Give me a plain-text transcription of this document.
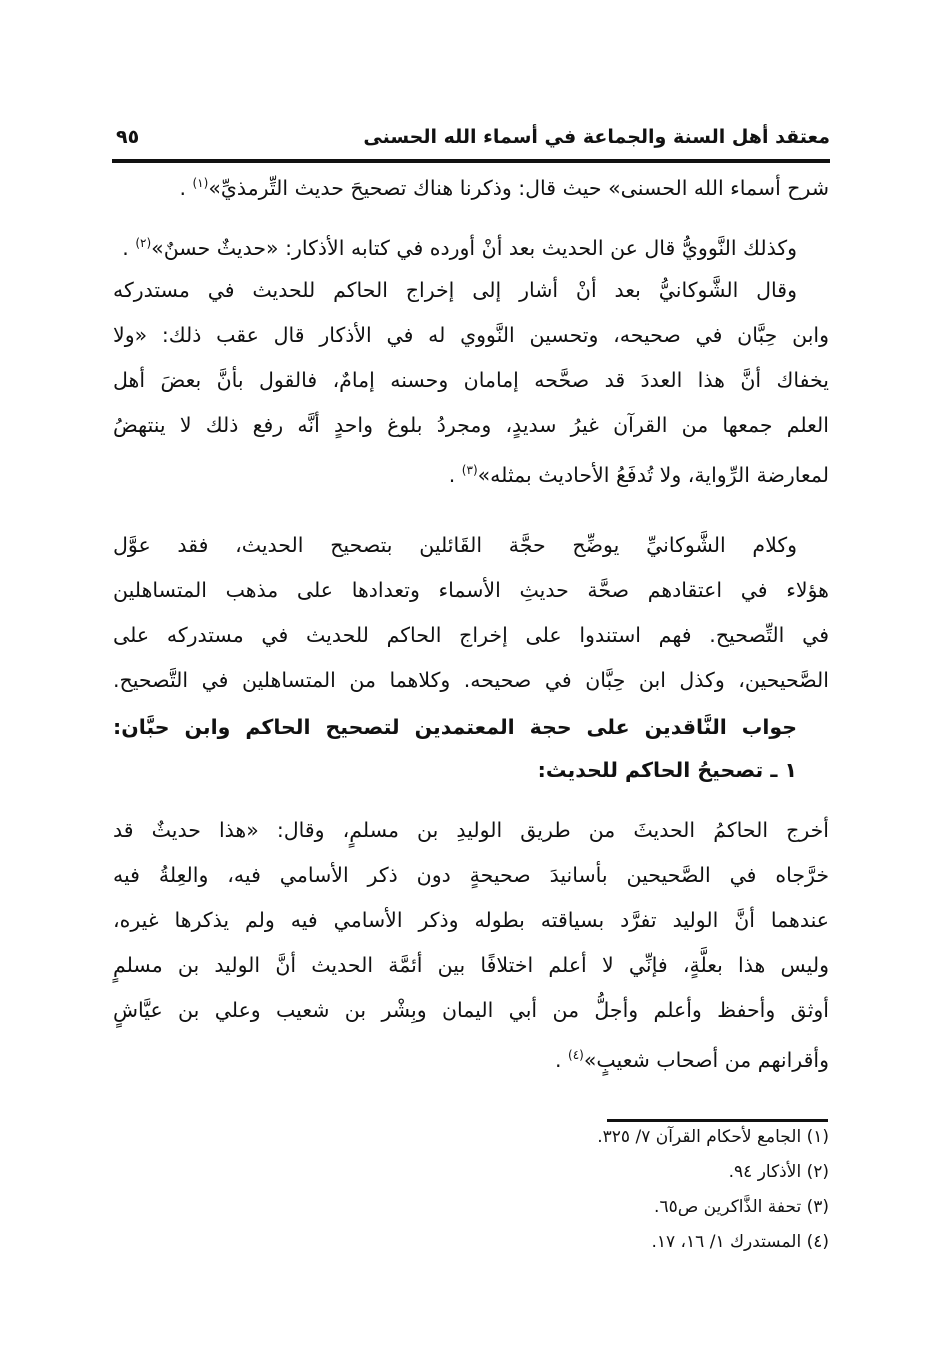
معتقد أهل السنة والجماعة في أسماء الله الحسنى
٩٥
شرح أسماء الله الحسنى» حيث قال: وذكرنا هناك تصحيحَ حديث التِّرمذيِّ»$^{(١)}$ .
وكذلك النَّوويُّ قال عن الحديث بعد أنْ أورده في كتابه الأذكار: «حديثٌ حسنٌ»$^{(٢)}$ .
وقال الشَّوكانيُّ بعد أنْ أشار إلى إخراج الحاكم للحديث في مستدركه
وابن حِبَّان في صحيحه، وتحسين النَّووي له في الأذكار قال عقب ذلك: «ولا
يخفاك أنَّ هذا العددَ قد صحَّحه إمامان وحسنه إمامٌ، فالقول بأنَّ بعضَ أهل
العلم جمعها من القرآن غيرُ سديدٍ، ومجردُ بلوغ واحدٍ أنَّه رفع ذلك لا ينتهضُ
لمعارضة الرِّواية، ولا تُدفَعُ الأحاديث بمثله»$^{(٣)}$ .
وكلام الشَّوكانيِّ يوضِّح حجَّة القَائلين بتصحيح الحديث، فقد عوَّل
هؤلاء في اعتقادهم صحَّة حديثِ الأسماء وتعدادها على مذهب المتساهلين
في التِّصحيح. فهم استندوا على إخراج الحاكم للحديث في مستدركه على
الصَّحيحين، وكذل ابن حِبَّان في صحيحه. وكلاهما من المتساهلين في التَّصحيح.
جواب النَّاقدين على حجة المعتمدين لتصحيح الحاكم وابن حبَّان:
١ ـ تصحيحُ الحاكم للحديث:
أخرج الحاكمُ الحديثَ من طريق الوليدِ بن مسلمٍ، وقال: «هذا حديثٌ قد
خرَّجاه في الصَّحيحين بأسانيدَ صحيحةٍ دون ذكر الأسامي فيه، والعِلةُ فيه
عندهما أنَّ الوليد تفرَّد بسياقته بطوله وذكر الأسامي فيه ولم يذكرها غيره،
وليس هذا بعلَّةٍ، فإنِّي لا أعلم اختلافًا بين أئمَّة الحديث أنَّ الوليد بن مسلمٍ
أوثق وأحفظ وأعلم وأجلُّ من أبي اليمان وبِشْر بن شعيب وعلي بن عيَّاشٍ
وأقرانهم من أصحاب شعيبٍ»$^{(٤)}$ .
(١) الجامع لأحكام القرآن ٧/ ٣٢٥.
(٢) الأذكار ٩٤.
(٣) تحفة الذَّاكرين ص٦٥.
(٤) المستدرك ١/ ١٦، ١٧.
